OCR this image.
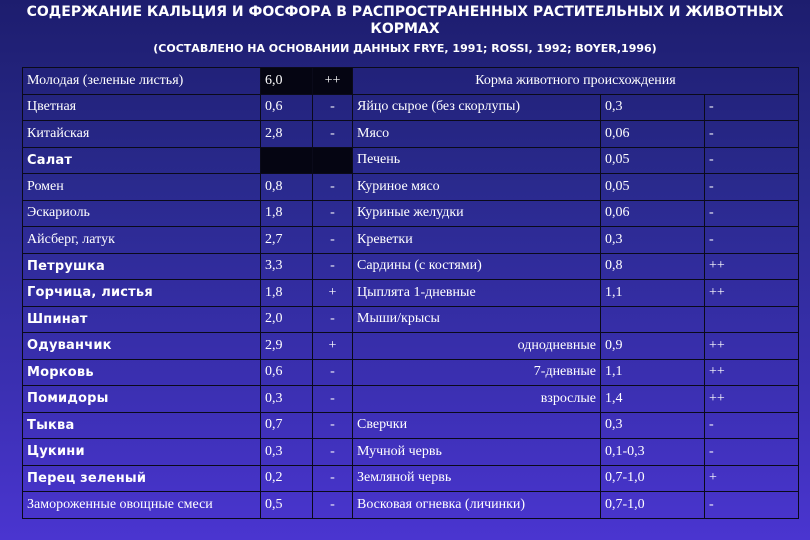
СОДЕРЖАНИЕ КАЛЬЦИЯ И ФОСФОРА В РАСПРОСТРАНЕННЫХ РАСТИТЕЛЬНЫХ И ЖИВОТНЫХ КОРМАХ
(СОСТАВЛЕНО НА ОСНОВАНИИ ДАННЫХ FRYE, 1991; ROSSI, 1992; BOYER,1996)
Молодая (зеленые листья)	6,0	++	Корма животного происхождения		
Цветная	0,6	-	Яйцо сырое (без скорлупы)	0,3	-
Китайская	2,8	-	Мясо	0,06	-
Салат			Печень	0,05	-
Ромен	0,8	-	Куриное мясо	0,05	-
Эскариоль	1,8	-	Куриные желудки	0,06	-
Айсберг, латук	2,7	-	Креветки	0,3	-
Петрушка	3,3	-	Сардины (с костями)	0,8	++
Горчица, листья	1,8	+	Цыплята 1-дневные	1,1	++
Шпинат	2,0	-	Мыши/крысы		
Одуванчик	2,9	+	однодневные	0,9	++
Морковь	0,6	-	7-дневные	1,1	++
Помидоры	0,3	-	взрослые	1,4	++
Тыква	0,7	-	Сверчки	0,3	-
Цукини	0,3	-	Мучной червь	0,1-0,3	-
Перец зеленый	0,2	-	Земляной червь	0,7-1,0	+
Замороженные овощные смеси	0,5	-	Восковая огневка (личинки)	0,7-1,0	-
